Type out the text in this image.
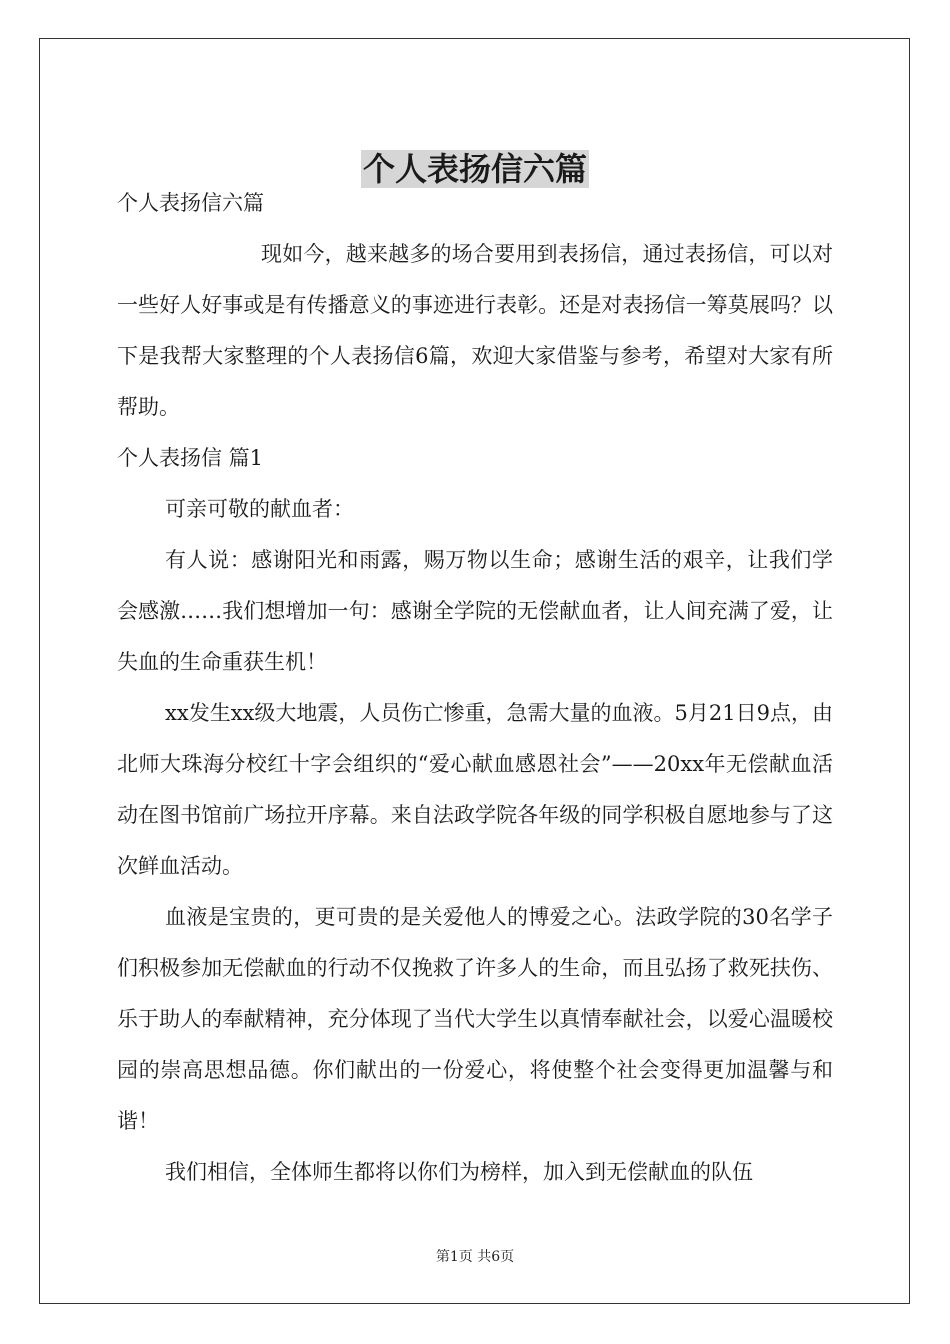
个人表扬信六篇

个人表扬信六篇

现如今，越来越多的场合要用到表扬信，通过表扬信，可以对一些好人好事或是有传播意义的事迹进行表彰。还是对表扬信一筹莫展吗？以下是我帮大家整理的个人表扬信6篇，欢迎大家借鉴与参考，希望对大家有所帮助。

个人表扬信 篇1

可亲可敬的献血者：

有人说：感谢阳光和雨露，赐万物以生命；感谢生活的艰辛，让我们学会感激……我们想增加一句：感谢全学院的无偿献血者，让人间充满了爱，让失血的生命重获生机！

xx发生xx级大地震，人员伤亡惨重，急需大量的血液。5月21日9点，由北师大珠海分校红十字会组织的“爱心献血感恩社会”——20xx年无偿献血活动在图书馆前广场拉开序幕。来自法政学院各年级的同学积极自愿地参与了这次鲜血活动。

血液是宝贵的，更可贵的是关爱他人的博爱之心。法政学院的30名学子们积极参加无偿献血的行动不仅挽救了许多人的生命，而且弘扬了救死扶伤、乐于助人的奉献精神，充分体现了当代大学生以真情奉献社会，以爱心温暖校园的崇高思想品德。你们献出的一份爱心，将使整个社会变得更加温馨与和谐！

我们相信，全体师生都将以你们为榜样，加入到无偿献血的队伍

第1页 共6页
